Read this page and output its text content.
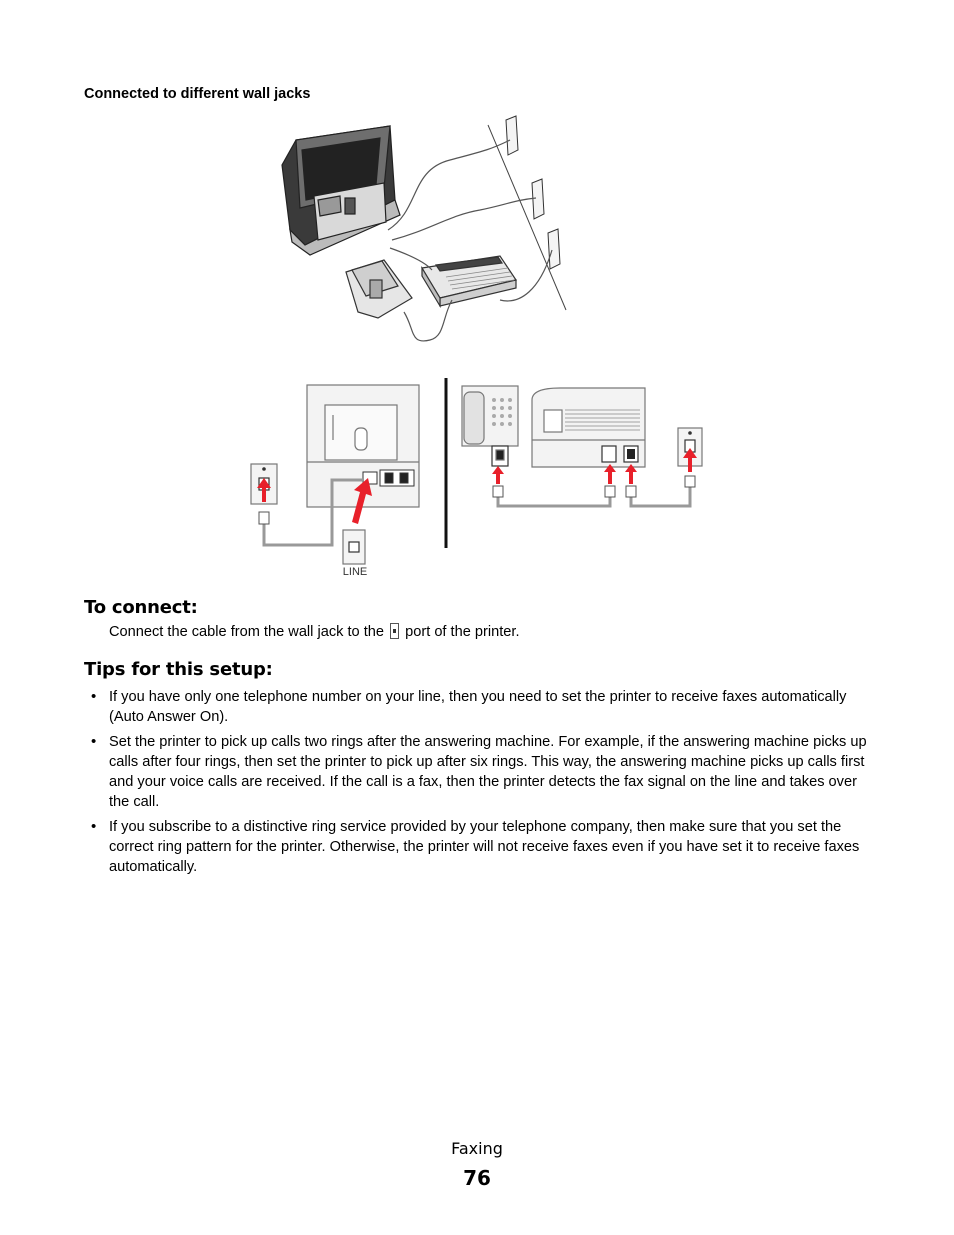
Connected to different wall jacks

LINE
To connect:

Connect the cable from the wall jack to the  port of the printer.

Tips for this setup:
• If you have only one telephone number on your line, then you need to set the printer to receive faxes automatically (Auto Answer On).
• Set the printer to pick up calls two rings after the answering machine. For example, if the answering machine picks up calls after four rings, then set the printer to pick up after six rings. This way, the answering machine picks up calls first and your voice calls are received. If the call is a fax, then the printer detects the fax signal on the line and takes over the call.
• If you subscribe to a distinctive ring service provided by your telephone company, then make sure that you set the correct ring pattern for the printer. Otherwise, the printer will not receive faxes even if you have set it to receive faxes automatically.

Faxing

76
